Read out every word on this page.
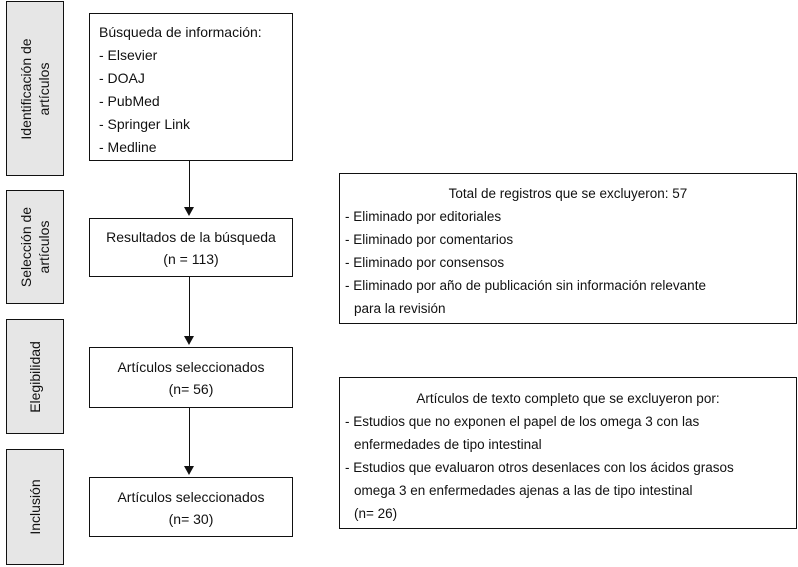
Identificación de artículos
Selección de artículos
Elegibilidad
Inclusión
Búsqueda de información:
- Elsevier
- DOAJ
- PubMed
- Springer Link
- Medline
Resultados de la búsqueda
(n = 113)
Artículos seleccionados
(n= 56)
Artículos seleccionados
(n= 30)
Total de registros que se excluyeron: 57
- Eliminado por editoriales
- Eliminado por comentarios
- Eliminado por consensos
- Eliminado por año de publicación sin información relevante
para la revisión
Artículos de texto completo que se excluyeron por:
- Estudios que no exponen el papel de los omega 3 con las
enfermedades de tipo intestinal
- Estudios que evaluaron otros desenlaces con los ácidos grasos
omega 3 en enfermedades ajenas a las de tipo intestinal
(n= 26)
